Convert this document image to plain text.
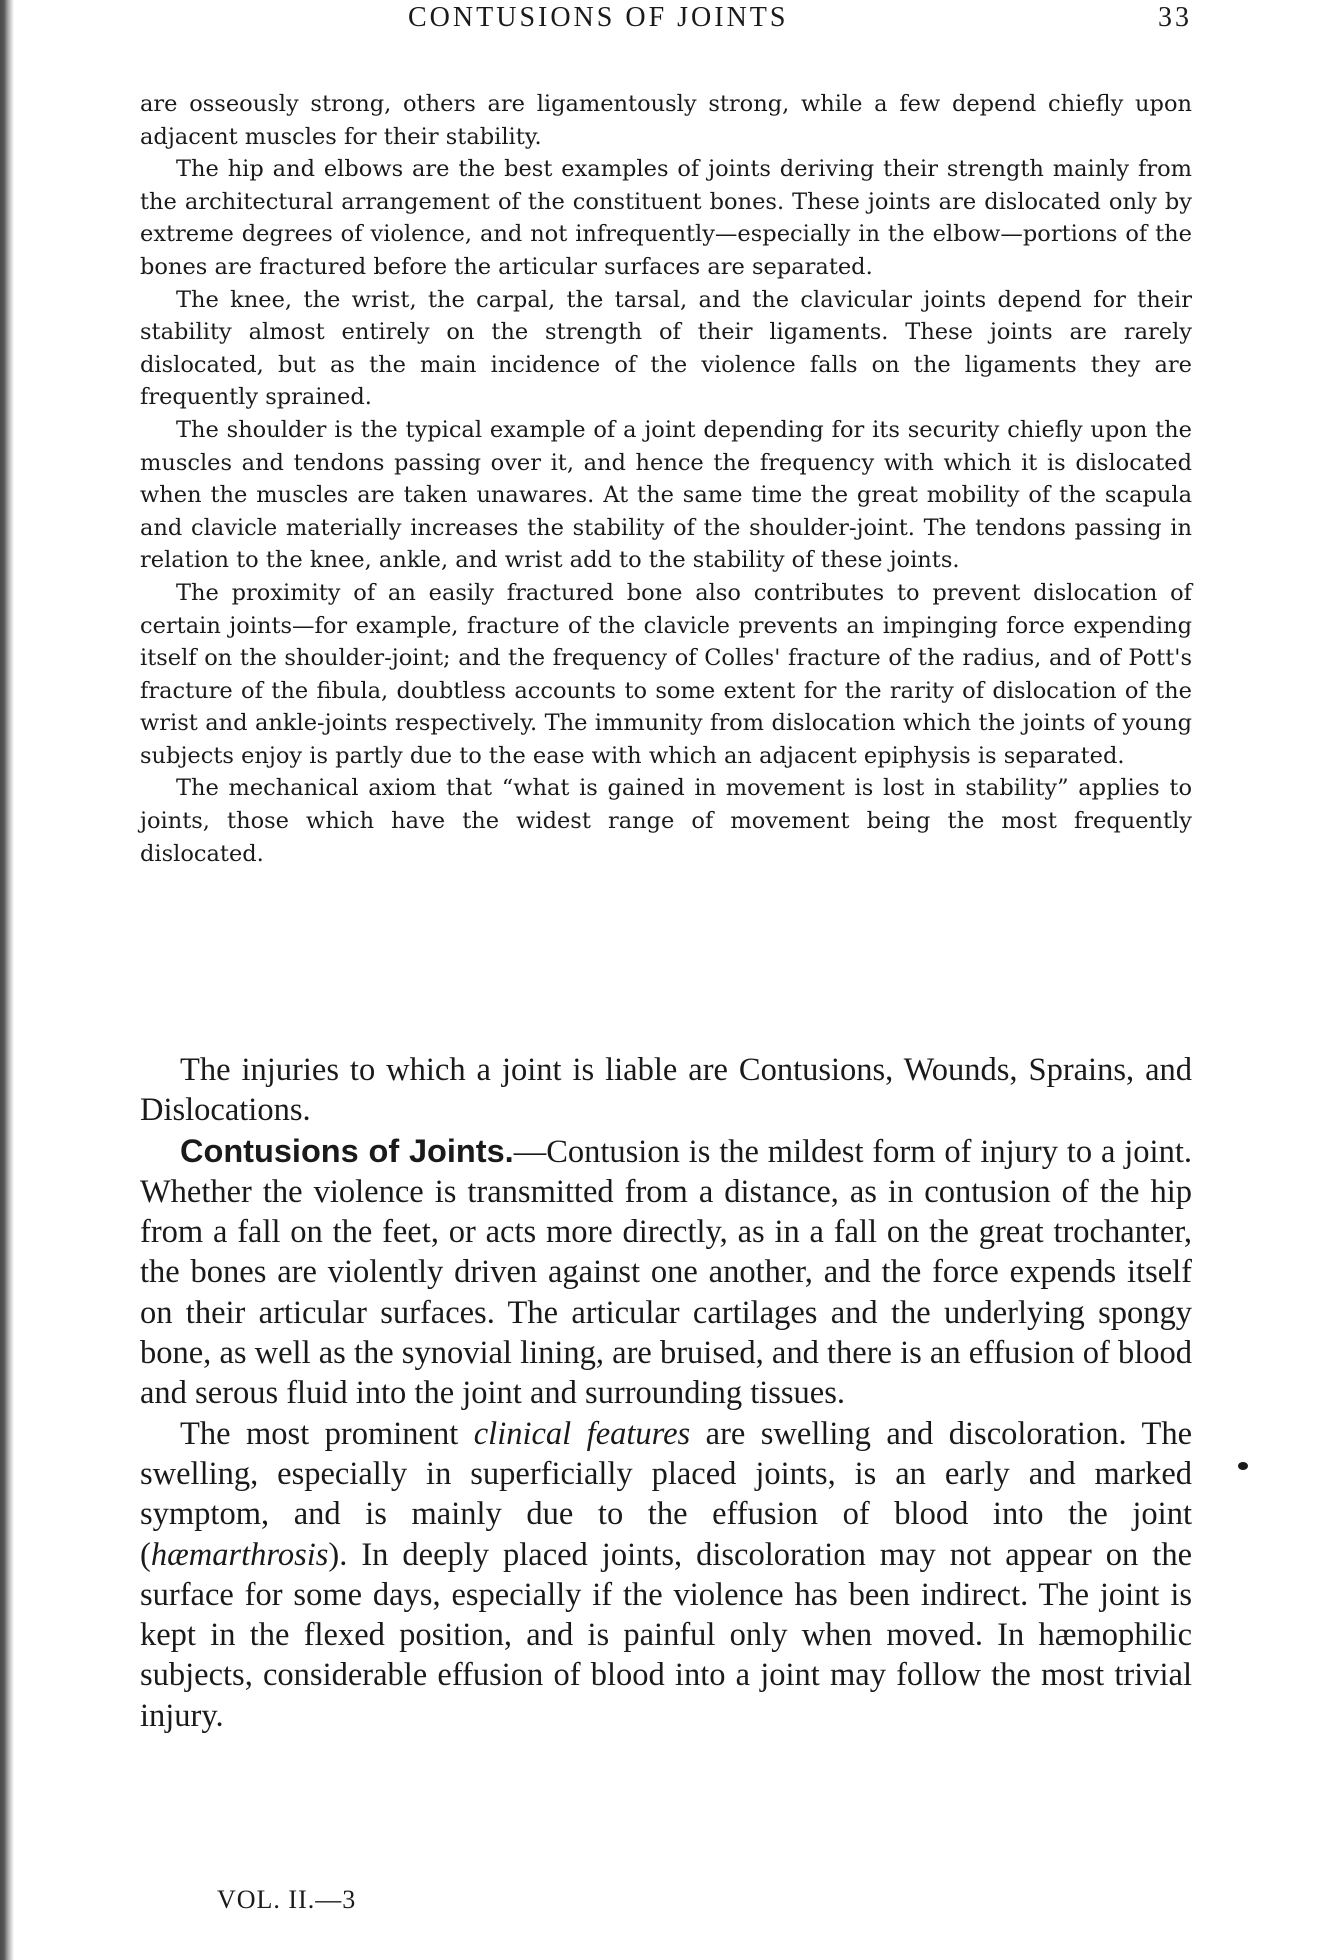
CONTUSIONS OF JOINTS	33

are osseously strong, others are ligamentously strong, while a few depend chiefly upon adjacent muscles for their stability.

The hip and elbows are the best examples of joints deriving their strength mainly from the architectural arrangement of the constituent bones. These joints are dislocated only by extreme degrees of violence, and not infrequently—especially in the elbow—portions of the bones are fractured before the articular surfaces are separated.

The knee, the wrist, the carpal, the tarsal, and the clavicular joints depend for their stability almost entirely on the strength of their ligaments. These joints are rarely dislocated, but as the main incidence of the violence falls on the ligaments they are frequently sprained.

The shoulder is the typical example of a joint depending for its security chiefly upon the muscles and tendons passing over it, and hence the frequency with which it is dislocated when the muscles are taken unawares. At the same time the great mobility of the scapula and clavicle materially increases the stability of the shoulder-joint. The tendons passing in relation to the knee, ankle, and wrist add to the stability of these joints.

The proximity of an easily fractured bone also contributes to prevent dislocation of certain joints—for example, fracture of the clavicle prevents an impinging force expending itself on the shoulder-joint; and the frequency of Colles' fracture of the radius, and of Pott's fracture of the fibula, doubtless accounts to some extent for the rarity of dislocation of the wrist and ankle-joints respectively. The immunity from dislocation which the joints of young subjects enjoy is partly due to the ease with which an adjacent epiphysis is separated.

The mechanical axiom that “what is gained in movement is lost in stability” applies to joints, those which have the widest range of movement being the most frequently dislocated.

The injuries to which a joint is liable are Contusions, Wounds, Sprains, and Dislocations.

Contusions of Joints.—Contusion is the mildest form of injury to a joint. Whether the violence is transmitted from a distance, as in contusion of the hip from a fall on the feet, or acts more directly, as in a fall on the great trochanter, the bones are violently driven against one another, and the force expends itself on their articular surfaces. The articular cartilages and the underlying spongy bone, as well as the synovial lining, are bruised, and there is an effusion of blood and serous fluid into the joint and surrounding tissues.

The most prominent clinical features are swelling and discoloration. The swelling, especially in superficially placed joints, is an early and marked symptom, and is mainly due to the effusion of blood into the joint (hæmarthrosis). In deeply placed joints, discoloration may not appear on the surface for some days, especially if the violence has been indirect. The joint is kept in the flexed position, and is painful only when moved. In hæmophilic subjects, considerable effusion of blood into a joint may follow the most trivial injury.

VOL. II.—3
